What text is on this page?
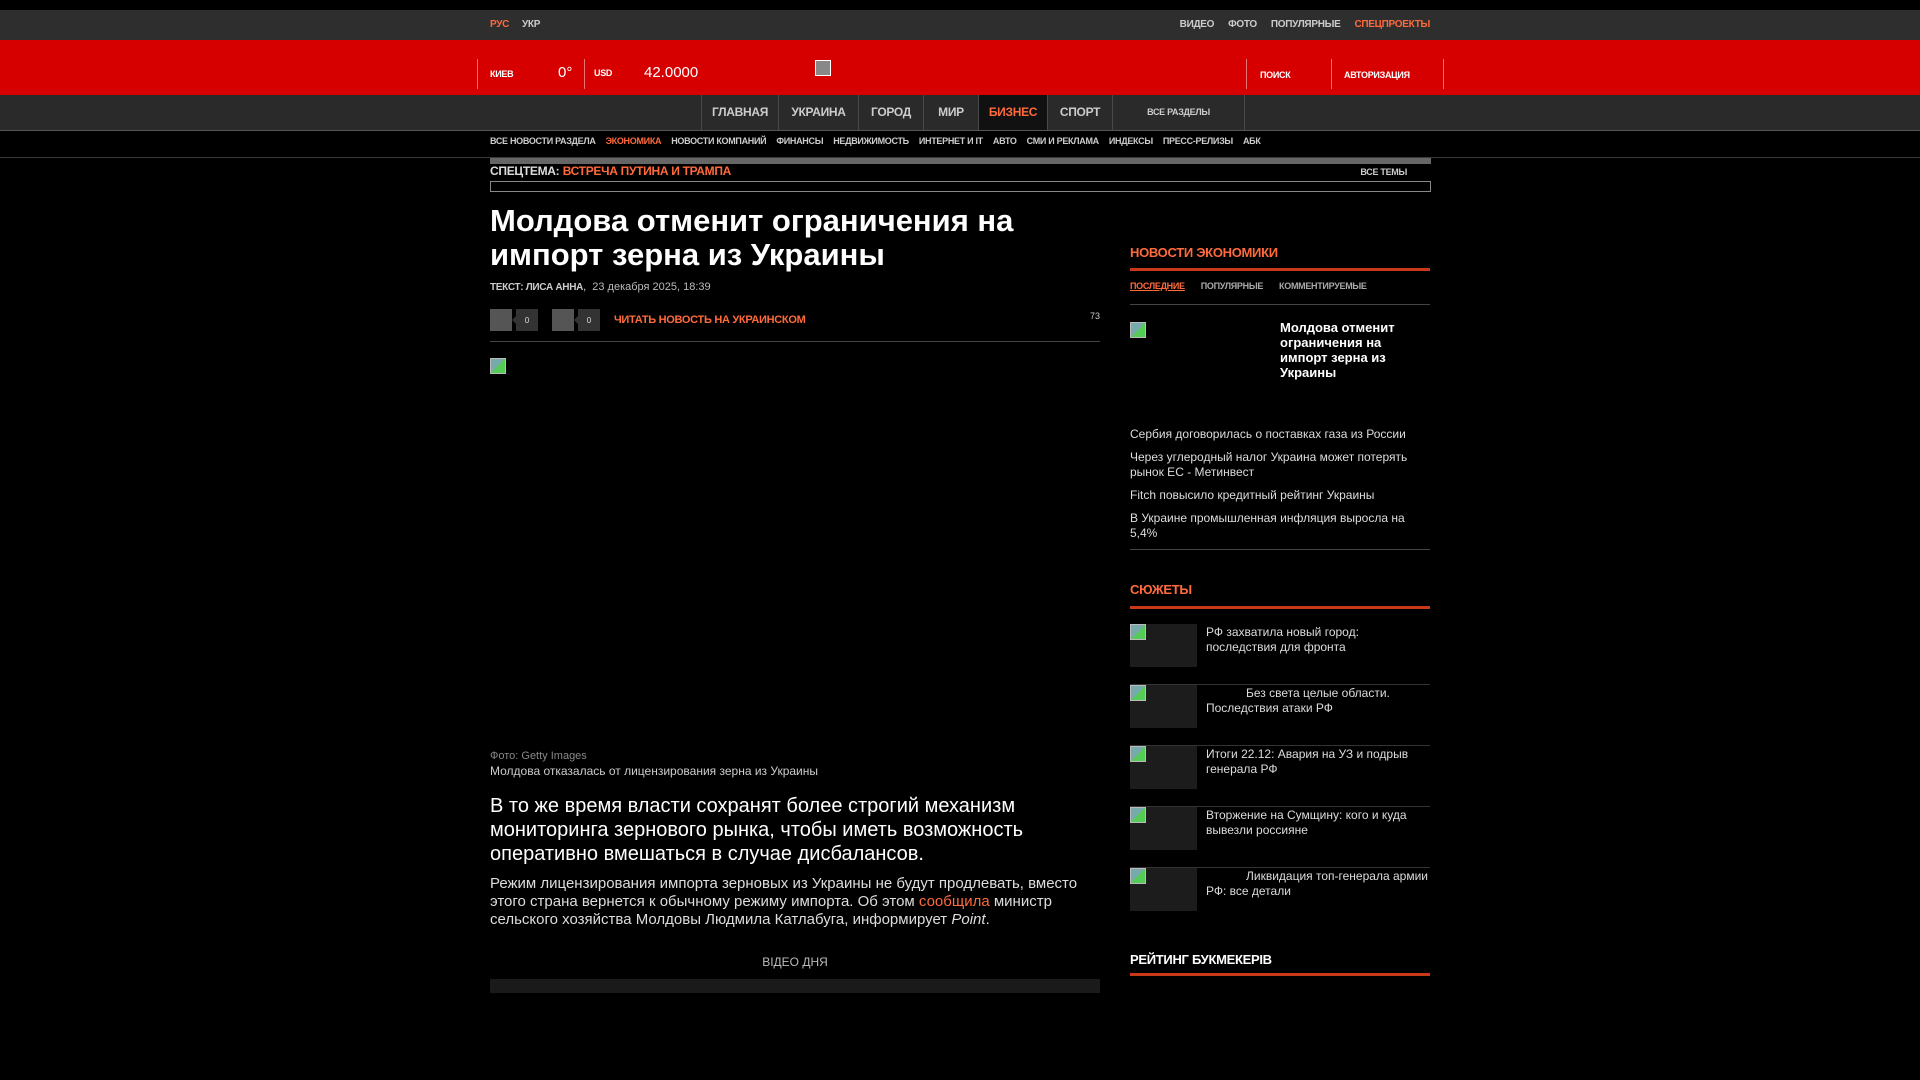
РУС УКР	ВИДЕО ФОТО ПОПУЛЯРНЫЕ СПЕЦПРОЕКТЫ
КИЕВ	0° USD 42.0000	ПОИСК	АВТОРИЗАЦИЯ
ГЛАВНАЯ	УКРАИНА	ГОРОД	МИР	БИЗНЕС	СПОРТ	ВСЕ РАЗДЕЛЫ
ВСЕ НОВОСТИ РАЗДЕЛА ЭКОНОМИКА НОВОСТИ КОМПАНИЙ ФИНАНСЫ НЕДВИЖИМОСТЬ ИНТЕРНЕТ И IT АВТО СМИ И РЕКЛАМА ИНДЕКСЫ ПРЕСС-РЕЛИЗЫ АБК
СПЕЦТЕМА: ВСТРЕЧА ПУТИНА И ТРАМПА	ВСЕ ТЕМЫ
Молдова отменит ограничения на импорт зерна из Украины
ТЕКСТ: ЛИСА АННА,  23 декабря 2025, 18:39
0	0	ЧИТАТЬ НОВОСТЬ НА УКРАИНСКОМ	73
Фото: Getty Images
Молдова отказалась от лицензирования зерна из Украины

В то же время власти сохранят более строгий механизм мониторинга зернового рынка, чтобы иметь возможность оперативно вмешаться в случае дисбалансов.

Режим лицензирования импорта зерновых из Украины не будут продлевать, вместо этого страна вернется к обычному режиму импорта. Об этом сообщила министр сельского хозяйства Молдовы Людмила Катлабуга, информирует Point.

ВІДЕО ДНЯ
НОВОСТИ ЭКОНОМИКИ
ПОСЛЕДНИЕ ПОПУЛЯРНЫЕ КОММЕНТИРУЕМЫЕ
Молдова отменит ограничения на импорт зерна из Украины
Сербия договорилась о поставках газа из России
Через углеродный налог Украина может потерять рынок ЕС - Метинвест
Fitch повысило кредитный рейтинг Украины
В Украине промышленная инфляция выросла на 5,4%
СЮЖЕТЫ
РФ захватила новый город: последствия для фронта
Без света целые области. Последствия атаки РФ
Итоги 22.12: Авария на УЗ и подрыв генерала РФ
Вторжение на Сумщину: кого и куда вывезли россияне
Ликвидация топ-генерала армии РФ: все детали
РЕЙТИНГ БУКМЕКЕРІВ
